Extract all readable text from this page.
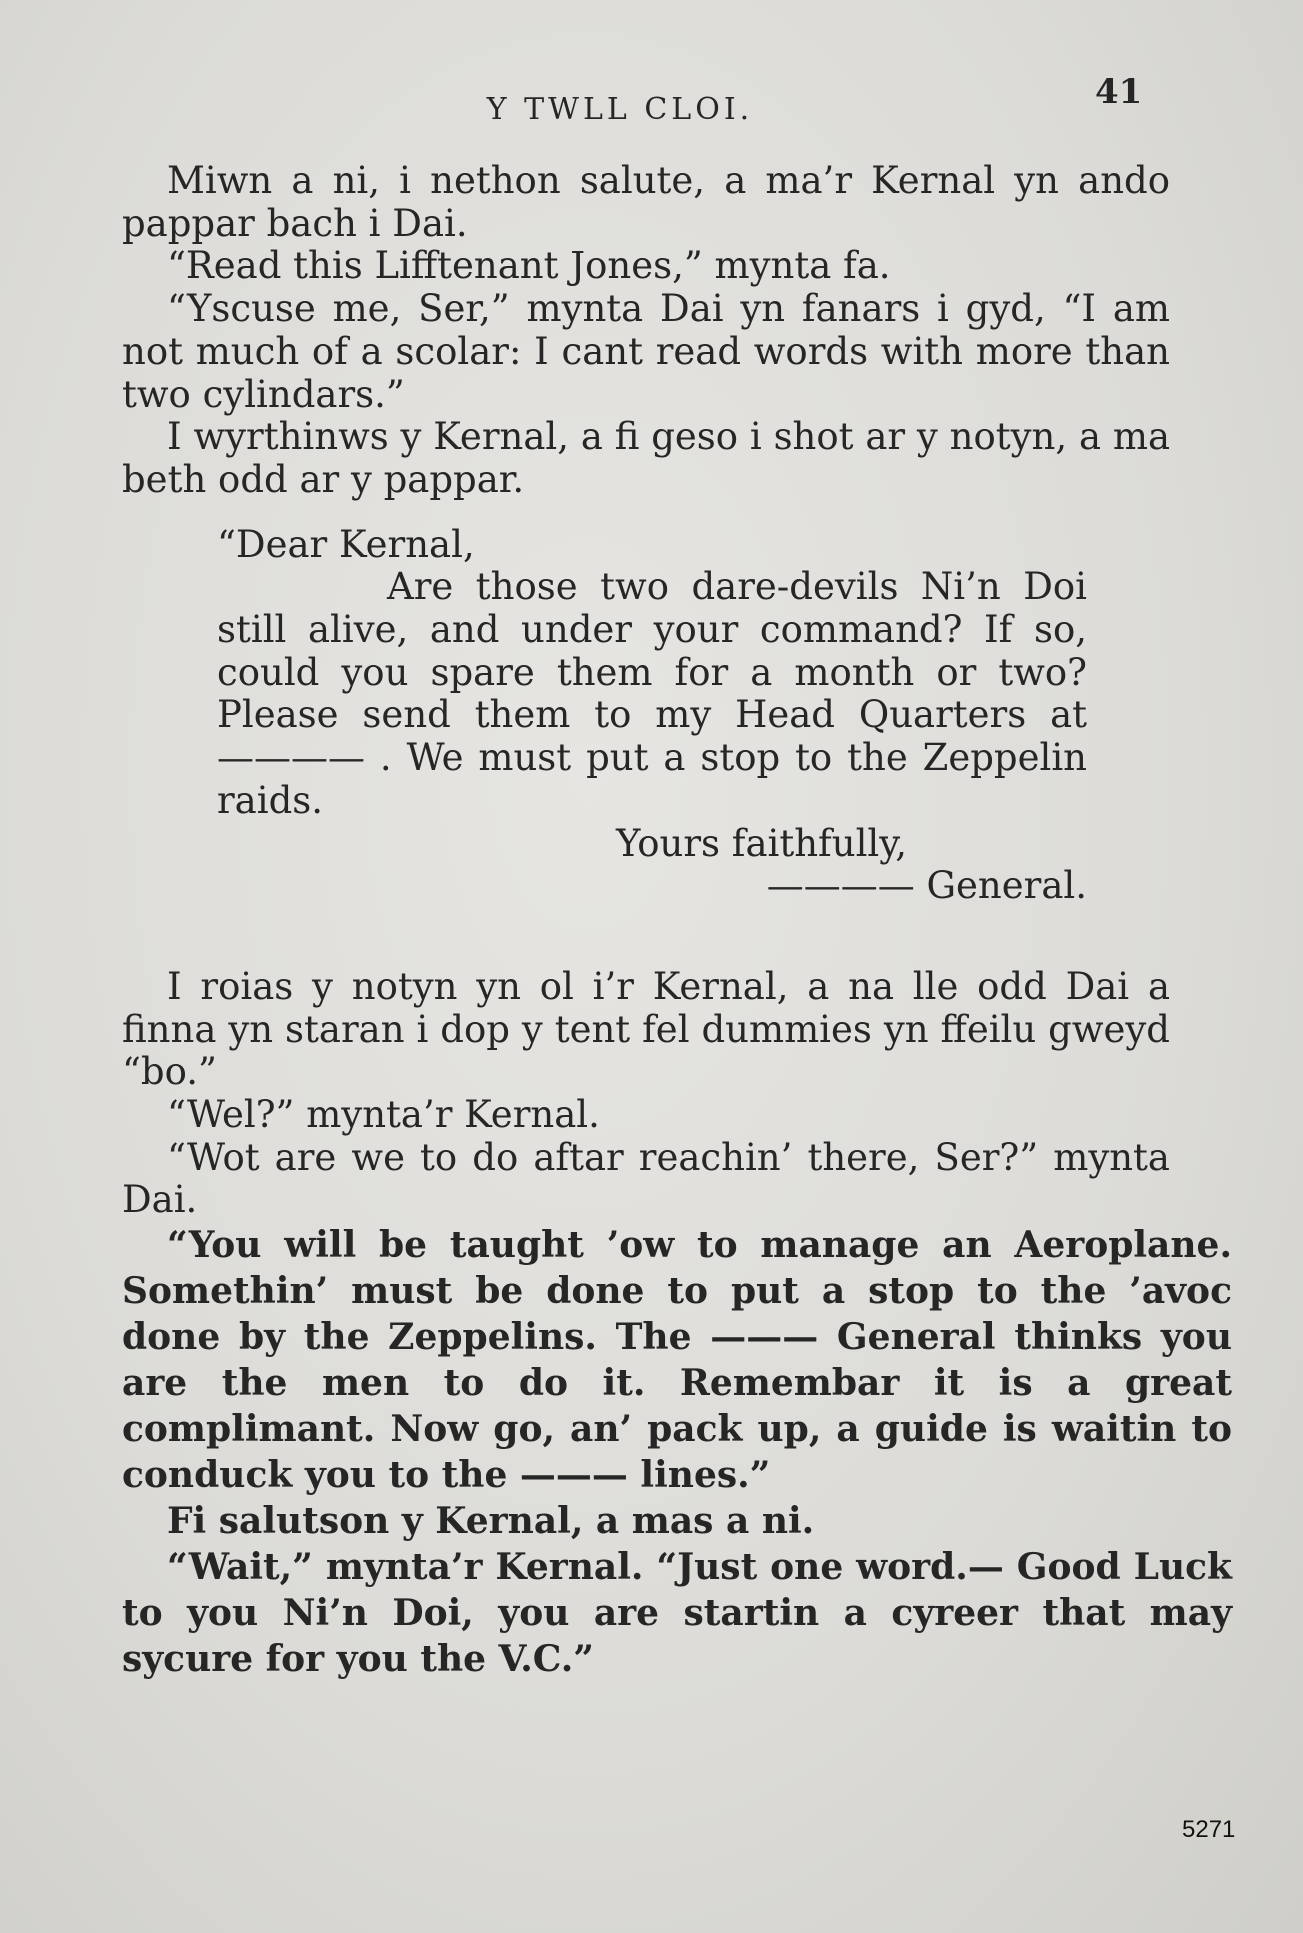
Y TWLL CLOI.	41

Miwn a ni, i nethon salute, a ma’r Kernal yn ando pappar bach i Dai.

“Read this Lifftenant Jones,” mynta fa.

“Yscuse me, Ser,” mynta Dai yn fanars i gyd, “I am not much of a scolar: I cant read words with more than two cylindars.”

I wyrthinws y Kernal, a fi geso i shot ar y notyn, a ma beth odd ar y pappar.

“Dear Kernal,

Are those two dare-devils Ni’n Doi still alive, and under your command? If so, could you spare them for a month or two? Please send them to my Head Quarters at ———— . We must put a stop to the Zeppelin raids.

Yours faithfully,

———— General.

I roias y notyn yn ol i’r Kernal, a na lle odd Dai a finna yn staran i dop y tent fel dummies yn ffeilu gweyd “bo.”

“Wel?” mynta’r Kernal.

“Wot are we to do aftar reachin’ there, Ser?” mynta Dai.

“You will be taught ’ow to manage an Aeroplane. Somethin’ must be done to put a stop to the ’avoc done by the Zeppelins. The ——— General thinks you are the men to do it. Remembar it is a great complimant. Now go, an’ pack up, a guide is waitin to conduck you to the ——— lines.”

Fi salutson y Kernal, a mas a ni.

“Wait,” mynta’r Kernal. “Just one word.— Good Luck to you Ni’n Doi, you are startin a cyreer that may sycure for you the V.C.”

5271
